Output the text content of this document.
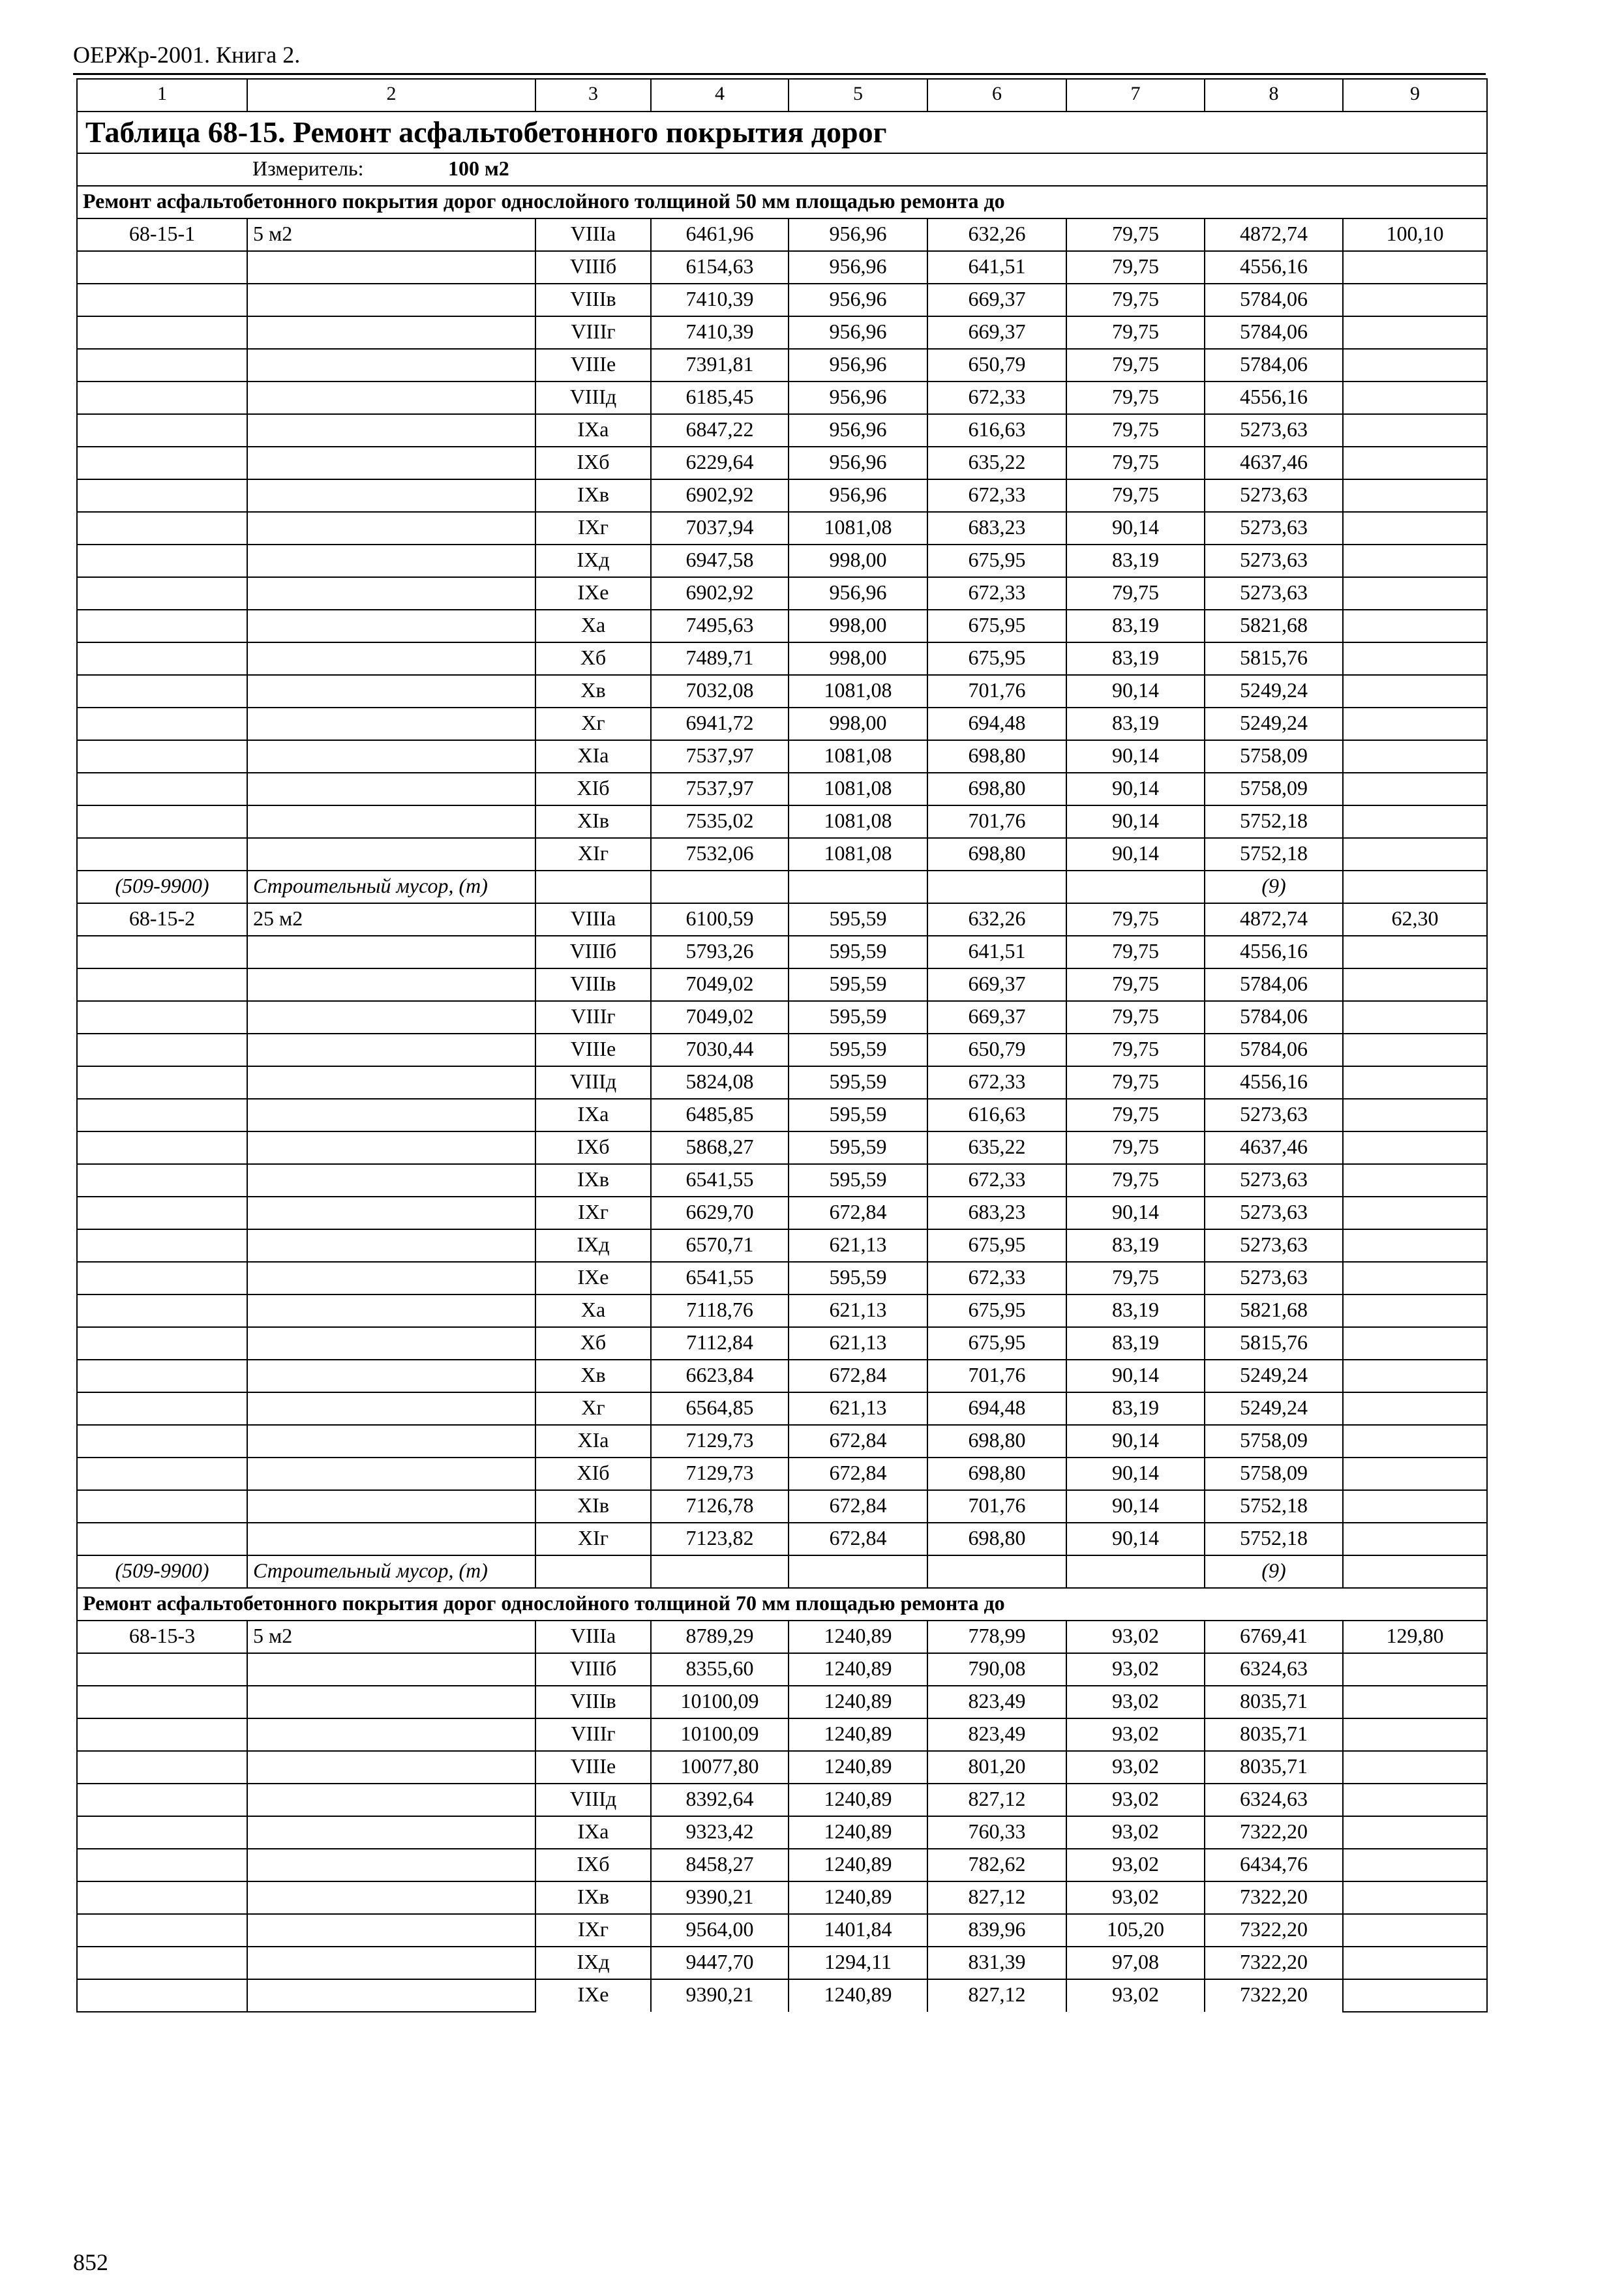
ОЕРЖр-2001. Книга 2.
1	2	3	4	5	6	7	8	9

Таблица 68-15. Ремонт асфальтобетонного покрытия дорог								

Измеритель: 100 м2								
Ремонт асфальтобетонного покрытия дорог однослойного толщиной 50 мм площадью ремонта до								
68-15-1	5 м2	VIIIa	6461,96	956,96	632,26	79,75	4872,74	100,10
		VIIIб	6154,63	956,96	641,51	79,75	4556,16	
		VIIIв	7410,39	956,96	669,37	79,75	5784,06	
		VIIIг	7410,39	956,96	669,37	79,75	5784,06	
		VIIIе	7391,81	956,96	650,79	79,75	5784,06	
		VIIIд	6185,45	956,96	672,33	79,75	4556,16	
		IXa	6847,22	956,96	616,63	79,75	5273,63	
		IXб	6229,64	956,96	635,22	79,75	4637,46	
		IXв	6902,92	956,96	672,33	79,75	5273,63	
		IXг	7037,94	1081,08	683,23	90,14	5273,63	
		IXд	6947,58	998,00	675,95	83,19	5273,63	
		IXе	6902,92	956,96	672,33	79,75	5273,63	
		Xa	7495,63	998,00	675,95	83,19	5821,68	
		Xб	7489,71	998,00	675,95	83,19	5815,76	
		Xв	7032,08	1081,08	701,76	90,14	5249,24	
		Xг	6941,72	998,00	694,48	83,19	5249,24	
		XIa	7537,97	1081,08	698,80	90,14	5758,09	
		XIб	7537,97	1081,08	698,80	90,14	5758,09	
		XIв	7535,02	1081,08	701,76	90,14	5752,18	
		XIг	7532,06	1081,08	698,80	90,14	5752,18	
(509-9900)	Строительный мусор, (т)						(9)	
68-15-2	25 м2	VIIIa	6100,59	595,59	632,26	79,75	4872,74	62,30
		VIIIб	5793,26	595,59	641,51	79,75	4556,16	
		VIIIв	7049,02	595,59	669,37	79,75	5784,06	
		VIIIг	7049,02	595,59	669,37	79,75	5784,06	
		VIIIе	7030,44	595,59	650,79	79,75	5784,06	
		VIIIд	5824,08	595,59	672,33	79,75	4556,16	
		IXa	6485,85	595,59	616,63	79,75	5273,63	
		IXб	5868,27	595,59	635,22	79,75	4637,46	
		IXв	6541,55	595,59	672,33	79,75	5273,63	
		IXг	6629,70	672,84	683,23	90,14	5273,63	
		IXд	6570,71	621,13	675,95	83,19	5273,63	
		IXе	6541,55	595,59	672,33	79,75	5273,63	
		Xa	7118,76	621,13	675,95	83,19	5821,68	
		Xб	7112,84	621,13	675,95	83,19	5815,76	
		Xв	6623,84	672,84	701,76	90,14	5249,24	
		Xг	6564,85	621,13	694,48	83,19	5249,24	
		XIa	7129,73	672,84	698,80	90,14	5758,09	
		XIб	7129,73	672,84	698,80	90,14	5758,09	
		XIв	7126,78	672,84	701,76	90,14	5752,18	
		XIг	7123,82	672,84	698,80	90,14	5752,18	
(509-9900)	Строительный мусор, (т)						(9)	
Ремонт асфальтобетонного покрытия дорог однослойного толщиной 70 мм площадью ремонта до								
68-15-3	5 м2	VIIIa	8789,29	1240,89	778,99	93,02	6769,41	129,80
		VIIIб	8355,60	1240,89	790,08	93,02	6324,63	
		VIIIв	10100,09	1240,89	823,49	93,02	8035,71	
		VIIIг	10100,09	1240,89	823,49	93,02	8035,71	
		VIIIе	10077,80	1240,89	801,20	93,02	8035,71	
		VIIIд	8392,64	1240,89	827,12	93,02	6324,63	
		IXa	9323,42	1240,89	760,33	93,02	7322,20	
		IXб	8458,27	1240,89	782,62	93,02	6434,76	
		IXв	9390,21	1240,89	827,12	93,02	7322,20	
		IXг	9564,00	1401,84	839,96	105,20	7322,20	
		IXд	9447,70	1294,11	831,39	97,08	7322,20	
		IXе	9390,21	1240,89	827,12	93,02	7322,20	
852
